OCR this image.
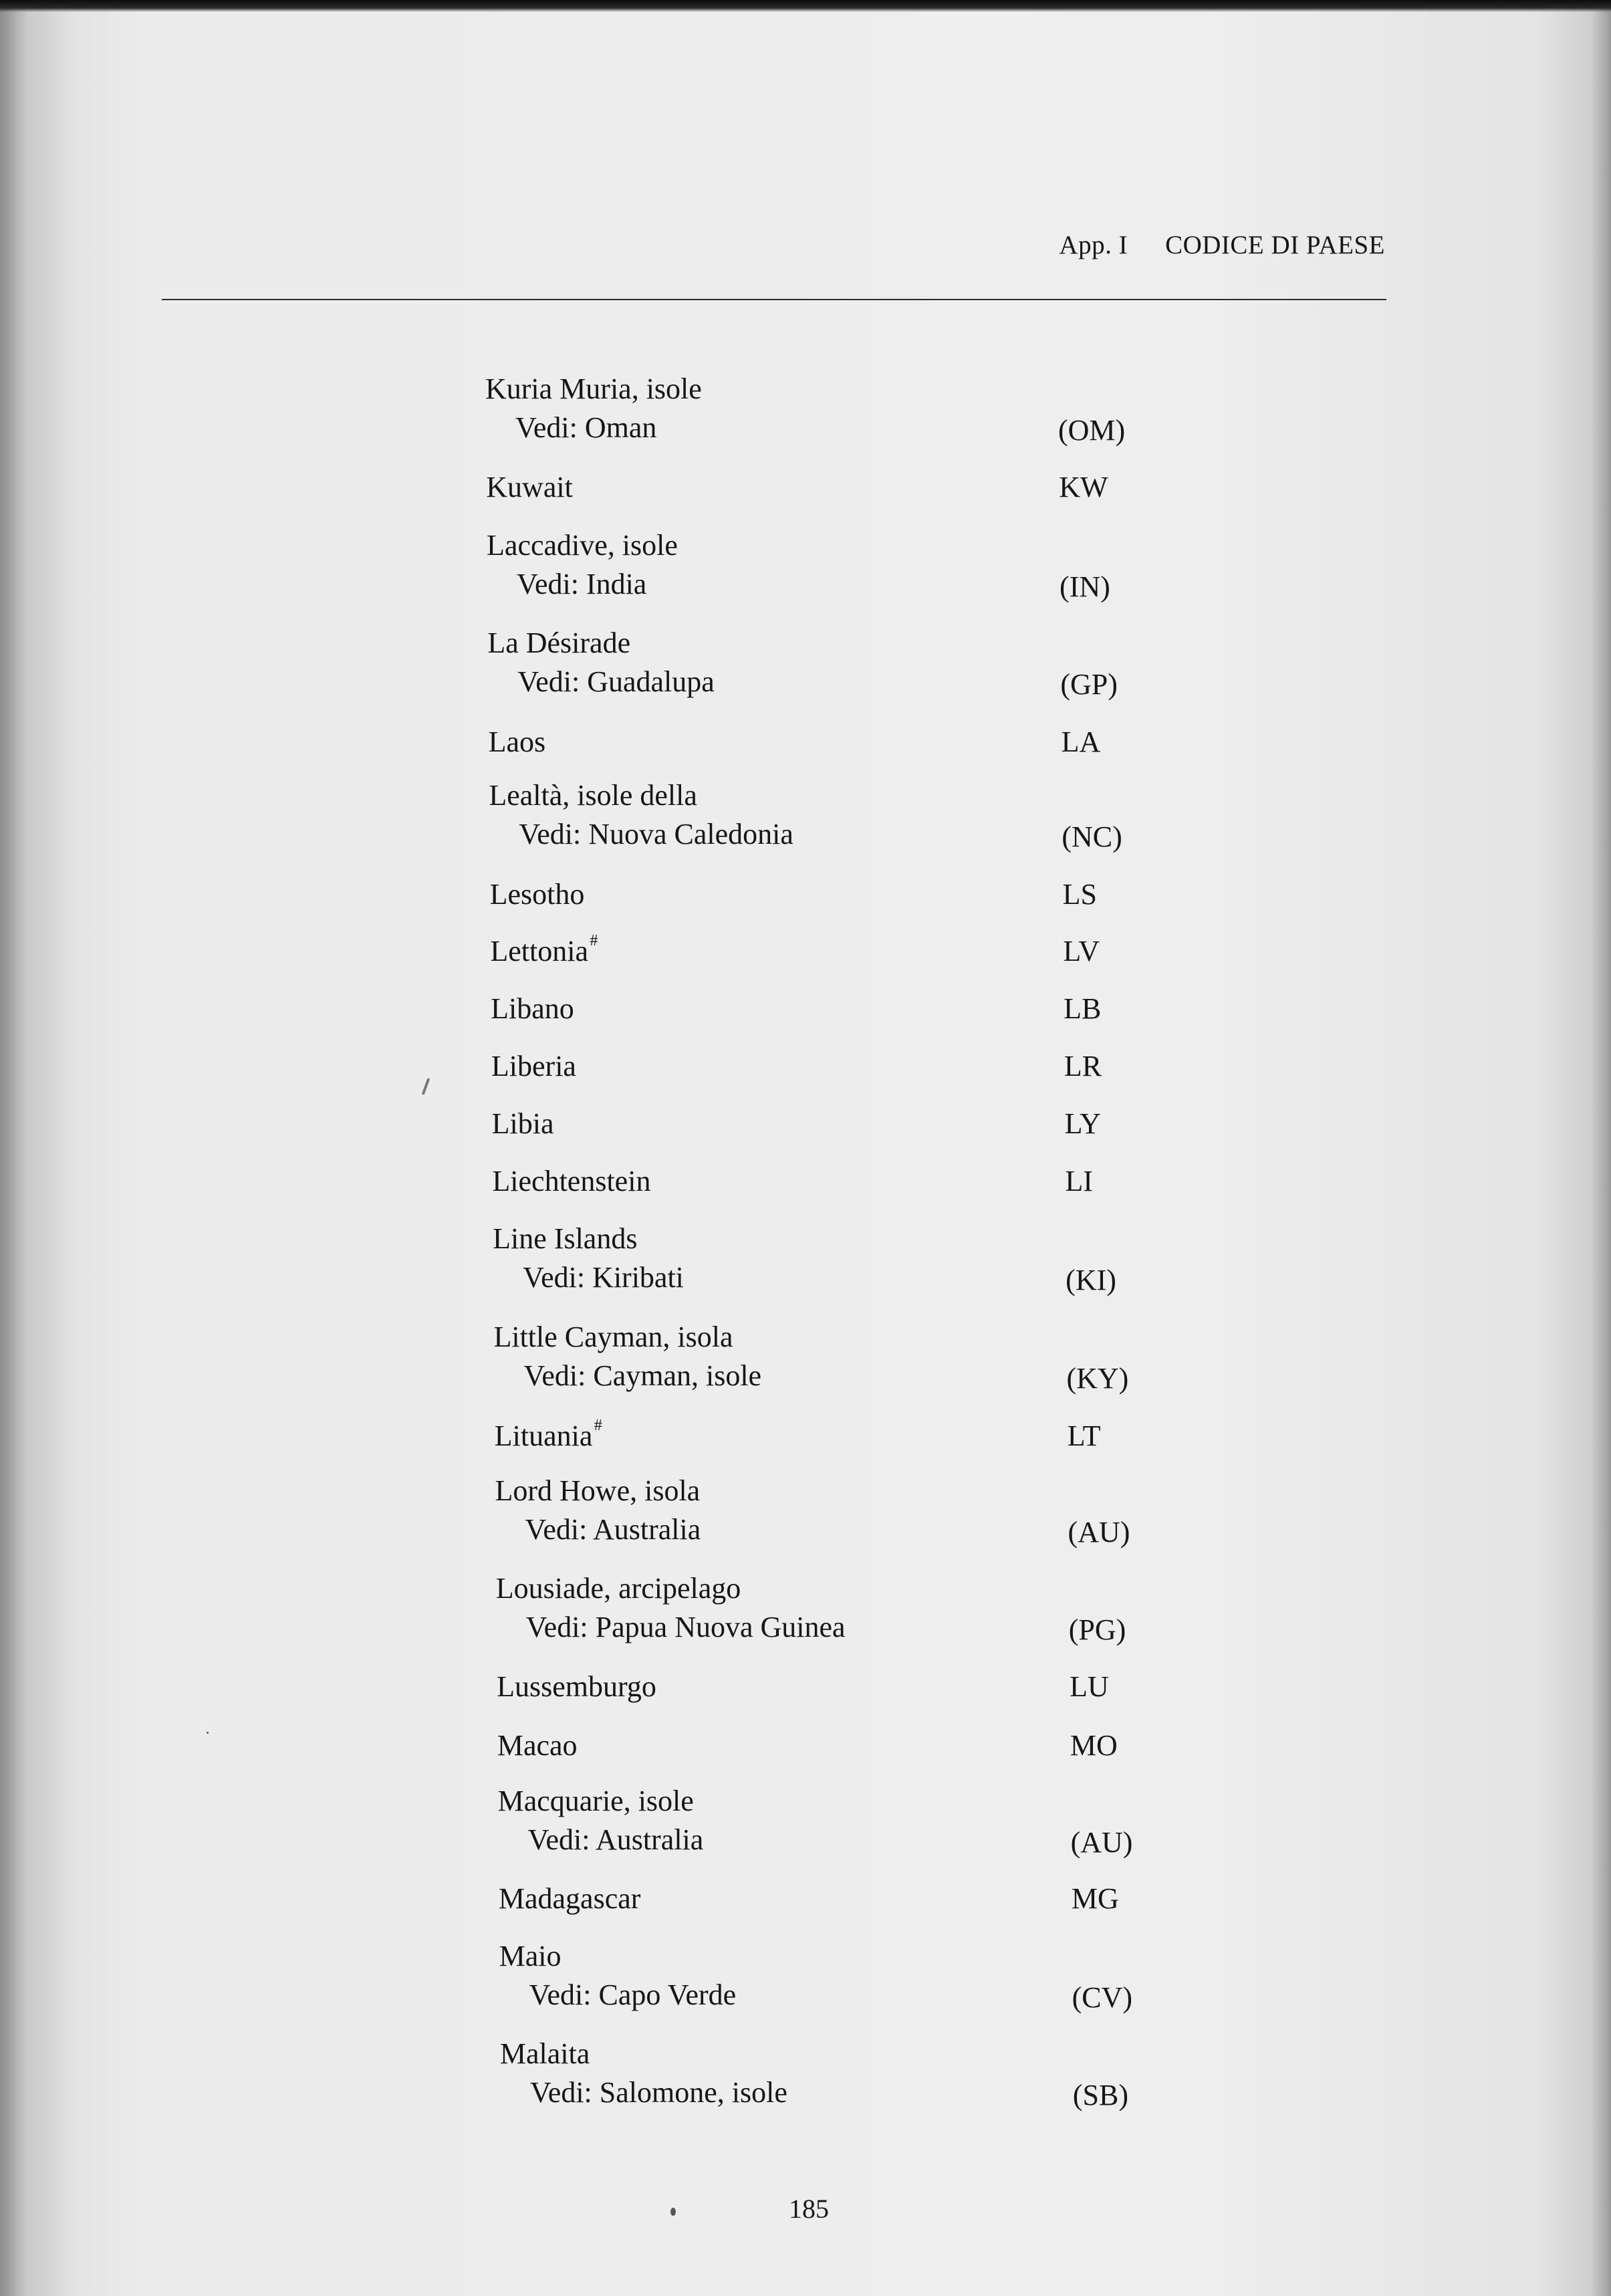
App. I CODICE DI PAESE
Kuria Muria, isole
Vedi: Oman	(OM)
Kuwait	KW
Laccadive, isole
Vedi: India	(IN)
La Désirade
Vedi: Guadalupa	(GP)
Laos	LA
Lealtà, isole della
Vedi: Nuova Caledonia	(NC)
Lesotho	LS
Lettonia #	LV
Libano	LB
Liberia	LR
Libia	LY
Liechtenstein	LI
Line Islands
Vedi: Kiribati	(KI)
Little Cayman, isola
Vedi: Cayman, isole	(KY)
Lituania #	LT
Lord Howe, isola
Vedi: Australia	(AU)
Lousiade, arcipelago
Vedi: Papua Nuova Guinea	(PG)
Lussemburgo	LU
Macao	MO
Macquarie, isole
Vedi: Australia	(AU)
Madagascar	MG
Maio
Vedi: Capo Verde	(CV)
Malaita
Vedi: Salomone, isole	(SB)
185
